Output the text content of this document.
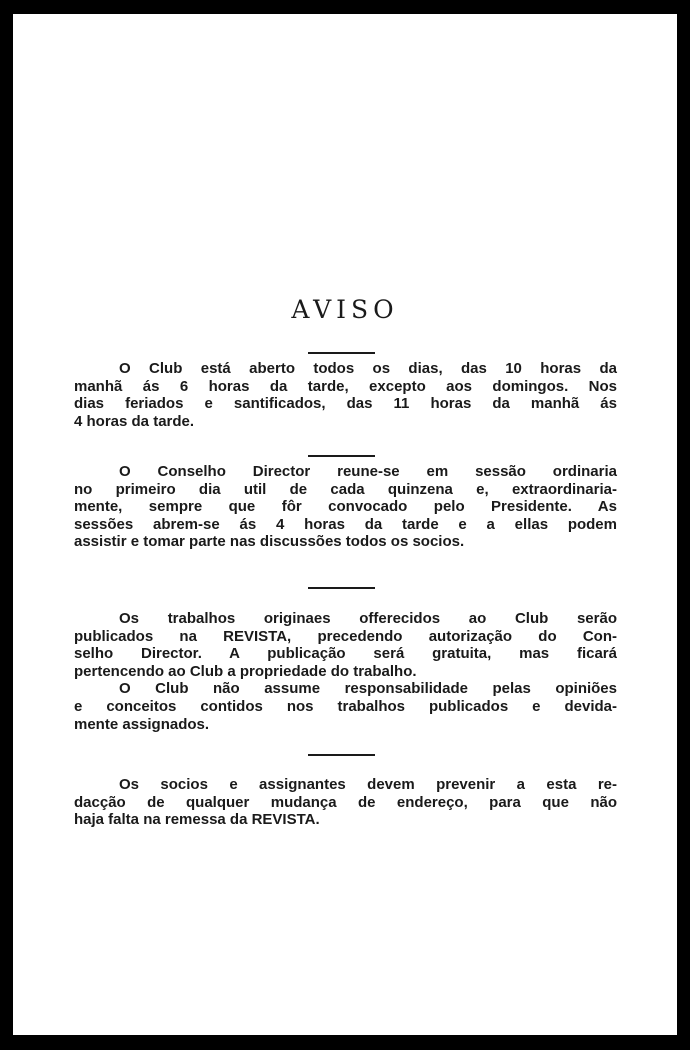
AVISO
O Club está aberto todos os dias, das 10 horas da
manhã ás 6 horas da tarde, excepto aos domingos. Nos
dias feriados e santificados, das 11 horas da manhã ás
4 horas da tarde.
O Conselho Director reune-se em sessão ordinaria
no primeiro dia util de cada quinzena e, extraordinaria-
mente, sempre que fôr convocado pelo Presidente. As
sessões abrem-se ás 4 horas da tarde e a ellas podem
assistir e tomar parte nas discussões todos os socios.
Os trabalhos originaes offerecidos ao Club serão
publicados na REVISTA, precedendo autorização do Con-
selho Director. A publicação será gratuita, mas ficará
pertencendo ao Club a propriedade do trabalho.
O Club não assume responsabilidade pelas opiniões
e conceitos contidos nos trabalhos publicados e devida-
mente assignados.
Os socios e assignantes devem prevenir a esta re-
dacção de qualquer mudança de endereço, para que não
haja falta na remessa da REVISTA.
